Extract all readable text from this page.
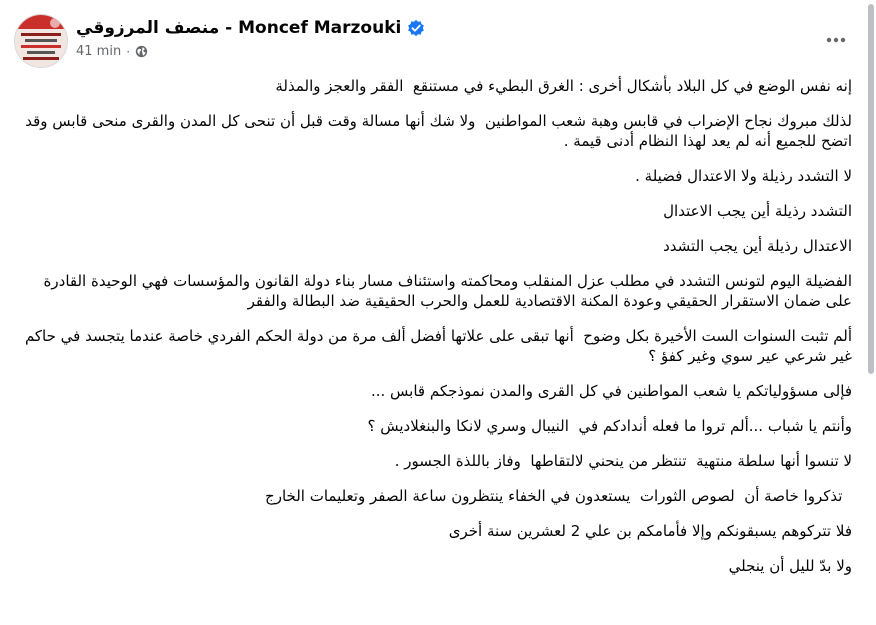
منصف المرزوقي - Moncef Marzouki
41 min ·

إنه نفس الوضع في كل البلاد بأشكال أخرى : الغرق البطيء في مستنقع  الفقر والعجز والمذلة

لذلك مبروك نجاح الإضراب في قابس وهبة شعب المواطنين  ولا شك أنها مسالة وقت قبل أن تنحى كل المدن والقرى منحى قابس وقد اتضح للجميع أنه لم يعد لهذا النظام أدنى قيمة .

لا التشدد رذيلة ولا الاعتدال فضيلة .

التشدد رذيلة أين يجب الاعتدال

الاعتدال رذيلة أين يجب التشدد

الفضيلة اليوم لتونس التشدد في مطلب عزل المنقلب ومحاكمته واستئناف مسار بناء دولة القانون والمؤسسات فهي الوحيدة القادرة على ضمان الاستقرار الحقيقي وعودة المكنة الاقتصادية للعمل والحرب الحقيقية ضد البطالة والفقر

ألم تثبت السنوات الست الأخيرة بكل وضوح  أنها تبقى على علاتها أفضل ألف مرة من دولة الحكم الفردي خاصة عندما يتجسد في حاكم غير شرعي عير سوي وغير كفؤ ؟

فإلى مسؤولياتكم يا شعب المواطنين في كل القرى والمدن نموذجكم قابس ...

وأنتم يا شباب ...ألم تروا ما فعله أندادكم في  النيبال وسري لانكا والبنغلاديش ؟

لا تنسوا أنها سلطة منتهية  تنتظر من ينحني لالتقاطها  وفاز باللذة الجسور .

تذكروا خاصة أن  لصوص الثورات  يستعدون في الخفاء ينتظرون ساعة الصفر وتعليمات الخارج

فلا تتركوهم يسبقونكم وإلا فأمامكم بن علي 2 لعشرين سنة أخرى

ولا بدّ لليل أن ينجلي
